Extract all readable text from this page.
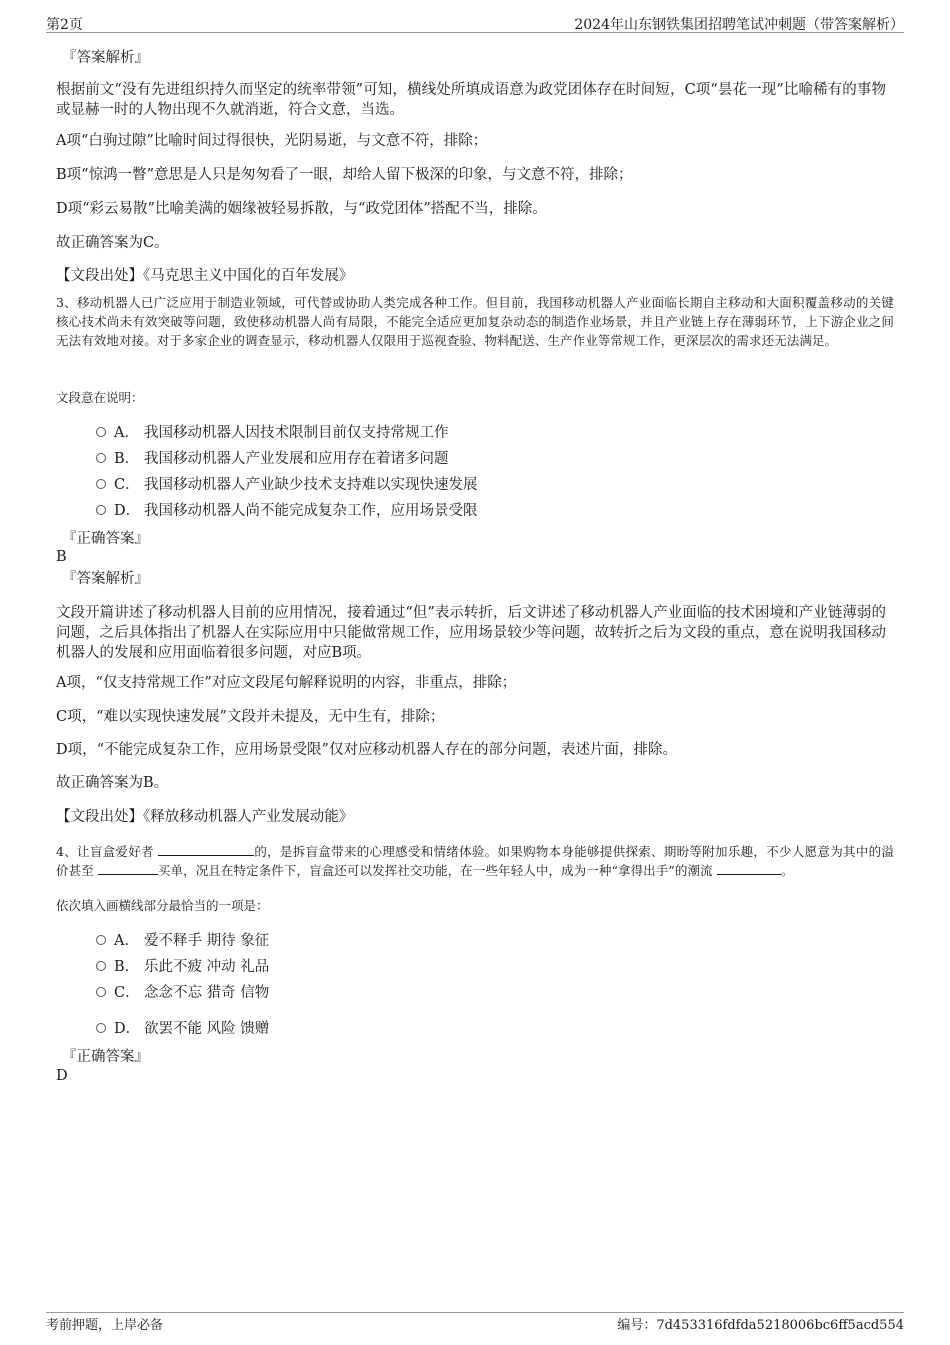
第2页	2024年山东钢铁集团招聘笔试冲刺题（带答案解析）
『答案解析』
根据前文“没有先进组织持久而坚定的统率带领”可知，横线处所填成语意为政党团体存在时间短，C项“昙花一现”比喻稀有的事物或显赫一时的人物出现不久就消逝，符合文意，当选。
A项“白驹过隙”比喻时间过得很快，光阴易逝，与文意不符，排除；
B项“惊鸿一瞥”意思是人只是匆匆看了一眼，却给人留下极深的印象，与文意不符，排除；
D项“彩云易散”比喻美满的姻缘被轻易拆散，与“政党团体”搭配不当，排除。
故正确答案为C。
【文段出处】《马克思主义中国化的百年发展》
3、移动机器人已广泛应用于制造业领域，可代替或协助人类完成各种工作。但目前，我国移动机器人产业面临长期自主移动和大面积覆盖移动的关键核心技术尚未有效突破等问题，致使移动机器人尚有局限，不能完全适应更加复杂动态的制造作业场景，并且产业链上存在薄弱环节，上下游企业之间无法有效地对接。对于多家企业的调查显示，移动机器人仅限用于巡视查验、物料配送、生产作业等常规工作，更深层次的需求还无法满足。
文段意在说明：
A． 我国移动机器人因技术限制目前仅支持常规工作
B． 我国移动机器人产业发展和应用存在着诸多问题
C． 我国移动机器人产业缺少技术支持难以实现快速发展
D． 我国移动机器人尚不能完成复杂工作，应用场景受限
『正确答案』
B
『答案解析』
文段开篇讲述了移动机器人目前的应用情况，接着通过“但”表示转折，后文讲述了移动机器人产业面临的技术困境和产业链薄弱的问题，之后具体指出了机器人在实际应用中只能做常规工作，应用场景较少等问题，故转折之后为文段的重点，意在说明我国移动机器人的发展和应用面临着很多问题，对应B项。
A项，“仅支持常规工作”对应文段尾句解释说明的内容，非重点，排除；
C项，“难以实现快速发展”文段并未提及，无中生有，排除；
D项，“不能完成复杂工作，应用场景受限”仅对应移动机器人存在的部分问题，表述片面，排除。
故正确答案为B。
【文段出处】《释放移动机器人产业发展动能》
4、让盲盒爱好者	的，是拆盲盒带来的心理感受和情绪体验。如果购物本身能够提供探索、期盼等附加乐趣，不少人愿意为其中的溢价甚至	买单，况且在特定条件下，盲盒还可以发挥社交功能，在一些年轻人中，成为一种“拿得出手”的潮流	。
依次填入画横线部分最恰当的一项是：
A． 爱不释手 期待 象征
B． 乐此不疲 冲动 礼品
C． 念念不忘 猎奇 信物
D． 欲罢不能 风险 馈赠
『正确答案』
D
考前押题，上岸必备	编号：7d453316fdfda5218006bc6ff5acd554
